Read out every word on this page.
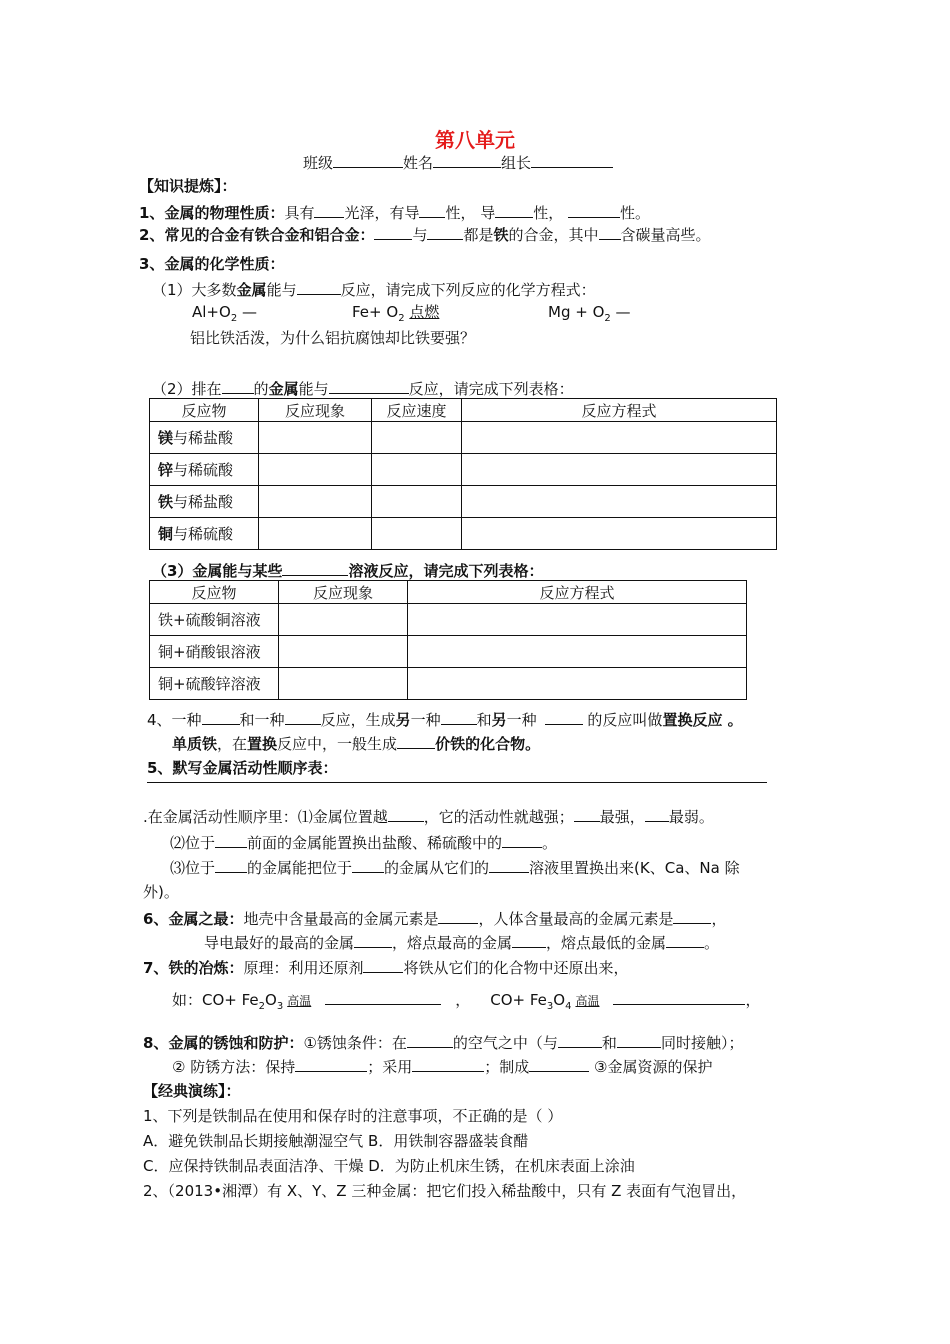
第八单元
班级	姓名	组长
【知识提炼】：
1、金属的物理性质：具有 光泽，有导 性， 导	性，	性。
2、常见的合金有铁合金和铝合金：	与 都是铁的合金，其中 含碳量高些。
3、金属的化学性质：
（1）大多数金属能与	反应，请完成下列反应的化学方程式：
$Al+O_2$ —	$Fe+ O_2$ 点燃	$Mg + O_2$ —
铝比铁活泼，为什么铝抗腐蚀却比铁要强？
（2）排在 的金属能与	反应，请完成下列表格：
反应物	反应现象	反应速度	反应方程式
镁与稀盐酸			
锌与稀硫酸			
铁与稀盐酸			
铜与稀硫酸			
（3）金属能与某些	溶液反应，请完成下列表格：
反应物	反应现象	反应方程式
铁+硫酸铜溶液		
铜+硝酸银溶液		
铜+硫酸锌溶液		
4、一种	和一种 反应，生成另一种 和另一种	的反应叫做置换反应 。
单质铁，在置换反应中，一般生成	价铁的化合物。
5、默写金属活动性顺序表：
.在金属活动性顺序里：⑴金属位置越 ，它的活动性就越强； 最强， 最弱。
⑵位于 前面的金属能置换出盐酸、稀硫酸中的	。
⑶位于 的金属能把位于 的金属从它们的	溶液里置换出来(K、Ca、Na 除
外)。
6、金属之最：地壳中含量最高的金属元素是	，人体含量最高的金属元素是	，
导电最好的最高的金属	，熔点最高的金属 ，熔点最低的金属	。
7、铁的冶炼：原理：利用还原剂	将铁从它们的化合物中还原出来，
如：$CO+ Fe_2O_3$ 高温	， $CO+ Fe_3O_4$ 高温	，
8、金属的锈蚀和防护：①锈蚀条件：在	的空气之中（与	和	同时接触）；
② 防锈方法：保持	；采用	；制成	③金属资源的保护
【经典演练】：
1、下列是铁制品在使用和保存时的注意事项，不正确的是（ ）
A．避免铁制品长期接触潮湿空气 B．用铁制容器盛装食醋
C．应保持铁制品表面洁净、干燥 D．为防止机床生锈，在机床表面上涂油
2、（2013•湘潭）有 X、Y、Z 三种金属：把它们投入稀盐酸中，只有 Z 表面有气泡冒出，
